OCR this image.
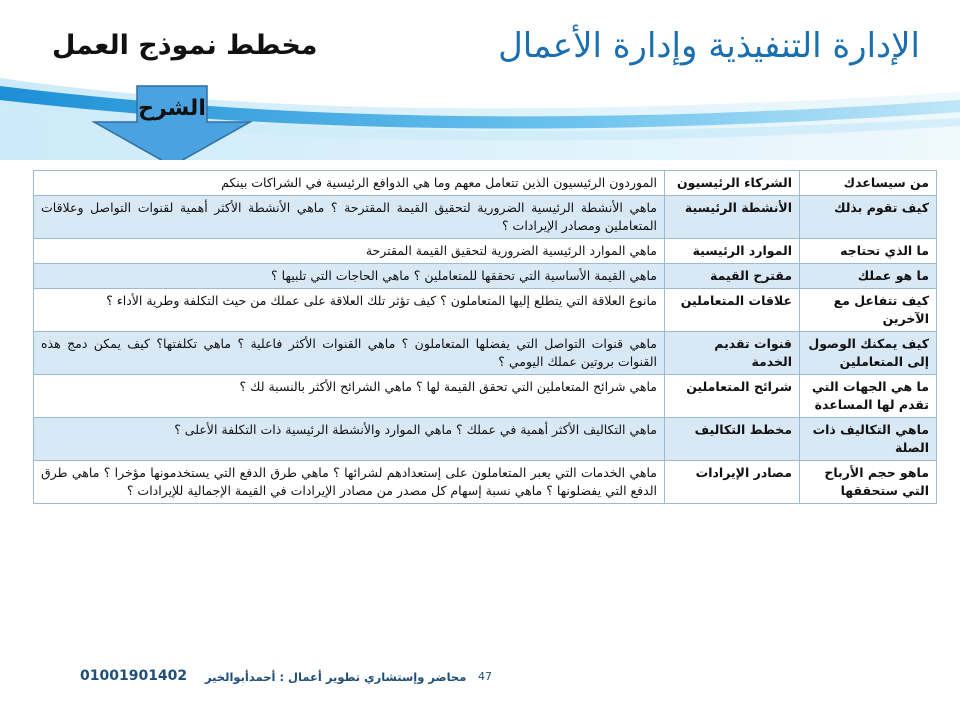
الإدارة التنفيذية وإدارة الأعمال
مخطط نموذج العمل
الشرح
من سيساعدك	الشركاء الرئيسيون	الموردون الرئيسيون الذين تتعامل معهم وما هي الدوافع الرئيسية في الشراكات بينكم
كيف تقوم بذلك	الأنشطة الرئيسية	ماهي الأنشطة الرئيسية الضرورية لتحقيق القيمة المقترحة ؟ ماهي الأنشطة الأكثر أهمية لقنوات التواصل وعلاقات المتعاملين ومصادر الإيرادات ؟
ما الذي تحتاجه	الموارد الرئيسية	ماهي الموارد الرئيسية الضرورية لتحقيق القيمة المقترحة
ما هو عملك	مقترح القيمة	ماهي القيمة الأساسية التي تحققها للمتعاملين ؟ ماهي الحاجات التي تلبيها ؟
كيف تتفاعل مع الآخرين	علاقات المتعاملين	مانوع العلاقة التي يتطلع إليها المتعاملون ؟ كيف تؤثر تلك العلاقة على عملك من حيث التكلفة وطرية الأداء ؟
كيف يمكنك الوصول إلى المتعاملين	قنوات تقديم الخدمة	ماهي قنوات التواصل التي يفضلها المتعاملون ؟ ماهي القنوات الأكثر فاعلية ؟ ماهي تكلفتها؟ كيف يمكن دمج هذه القنوات بروتين عملك اليومي ؟
ما هي الجهات التي تقدم لها المساعدة	شرائح المتعاملين	ماهي شرائح المتعاملين التي تحقق القيمة لها ؟ ماهي الشرائح الأكثر بالنسبة لك ؟
ماهي التكاليف ذات الصلة	مخطط التكاليف	ماهي التكاليف الأكثر أهمية في عملك ؟ ماهي الموارد والأنشطة الرئيسية ذات التكلفة الأعلى ؟
ماهو حجم الأرباح التي ستحققها	مصادر الإيرادات	ماهي الخدمات التي يعبر المتعاملون على إستعدادهم لشرائها ؟ ماهي طرق الدفع التي يستخدمونها مؤخرا ؟ ماهي طرق الدفع التي يفضلونها ؟ ماهي نسبة إسهام كل مصدر من مصادر الإيرادات في القيمة الإجمالية للإيرادات ؟
01001901402 محاضر وإستشاري تطوير أعمال : أحمدأبوالخير 47
